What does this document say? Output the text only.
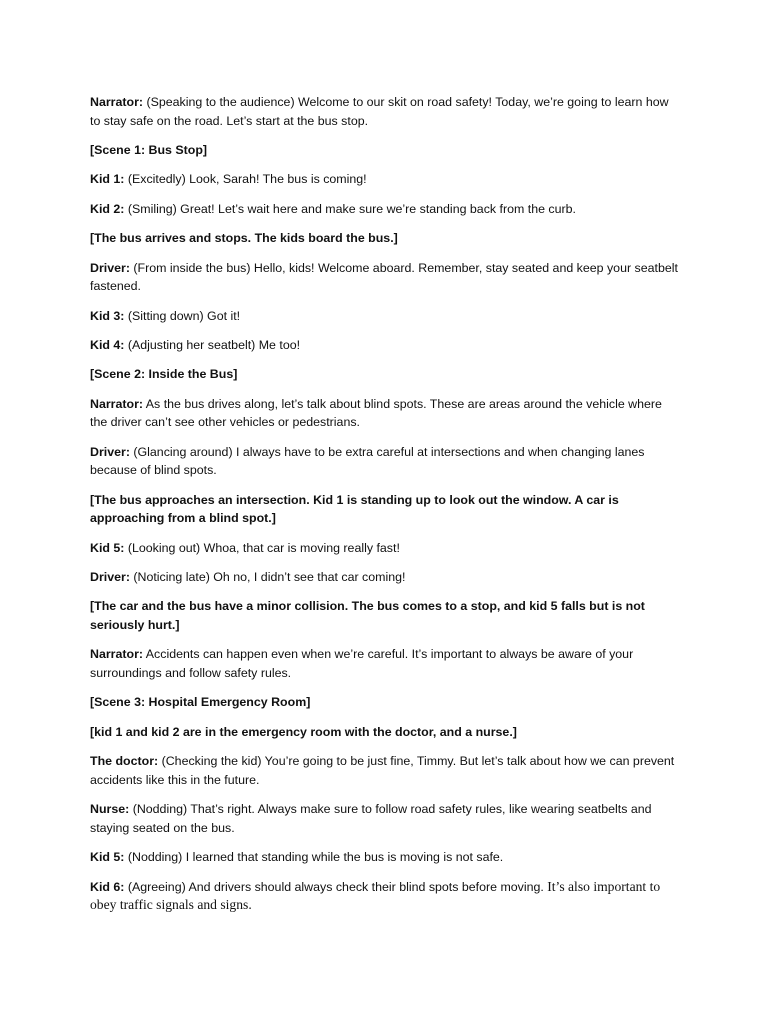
Narrator: (Speaking to the audience) Welcome to our skit on road safety! Today, we’re going to learn how to stay safe on the road. Let’s start at the bus stop.

[Scene 1: Bus Stop]

Kid 1: (Excitedly) Look, Sarah! The bus is coming!

Kid 2: (Smiling) Great! Let’s wait here and make sure we’re standing back from the curb.

[The bus arrives and stops. The kids board the bus.]

Driver: (From inside the bus) Hello, kids! Welcome aboard. Remember, stay seated and keep your seatbelt fastened.

Kid 3: (Sitting down) Got it!

Kid 4: (Adjusting her seatbelt) Me too!

[Scene 2: Inside the Bus]

Narrator: As the bus drives along, let’s talk about blind spots. These are areas around the vehicle where the driver can’t see other vehicles or pedestrians.

Driver: (Glancing around) I always have to be extra careful at intersections and when changing lanes because of blind spots.

[The bus approaches an intersection. Kid 1 is standing up to look out the window. A car is approaching from a blind spot.]

Kid 5: (Looking out) Whoa, that car is moving really fast!

Driver: (Noticing late) Oh no, I didn’t see that car coming!

[The car and the bus have a minor collision. The bus comes to a stop, and kid 5 falls but is not seriously hurt.]

Narrator: Accidents can happen even when we’re careful. It’s important to always be aware of your surroundings and follow safety rules.

[Scene 3: Hospital Emergency Room]

[kid 1 and kid 2 are in the emergency room with the doctor, and a nurse.]

The doctor: (Checking the kid) You’re going to be just fine, Timmy. But let’s talk about how we can prevent accidents like this in the future.

Nurse: (Nodding) That’s right. Always make sure to follow road safety rules, like wearing seatbelts and staying seated on the bus.

Kid 5: (Nodding) I learned that standing while the bus is moving is not safe.

Kid 6: (Agreeing) And drivers should always check their blind spots before moving. It’s also important to obey traffic signals and signs.
